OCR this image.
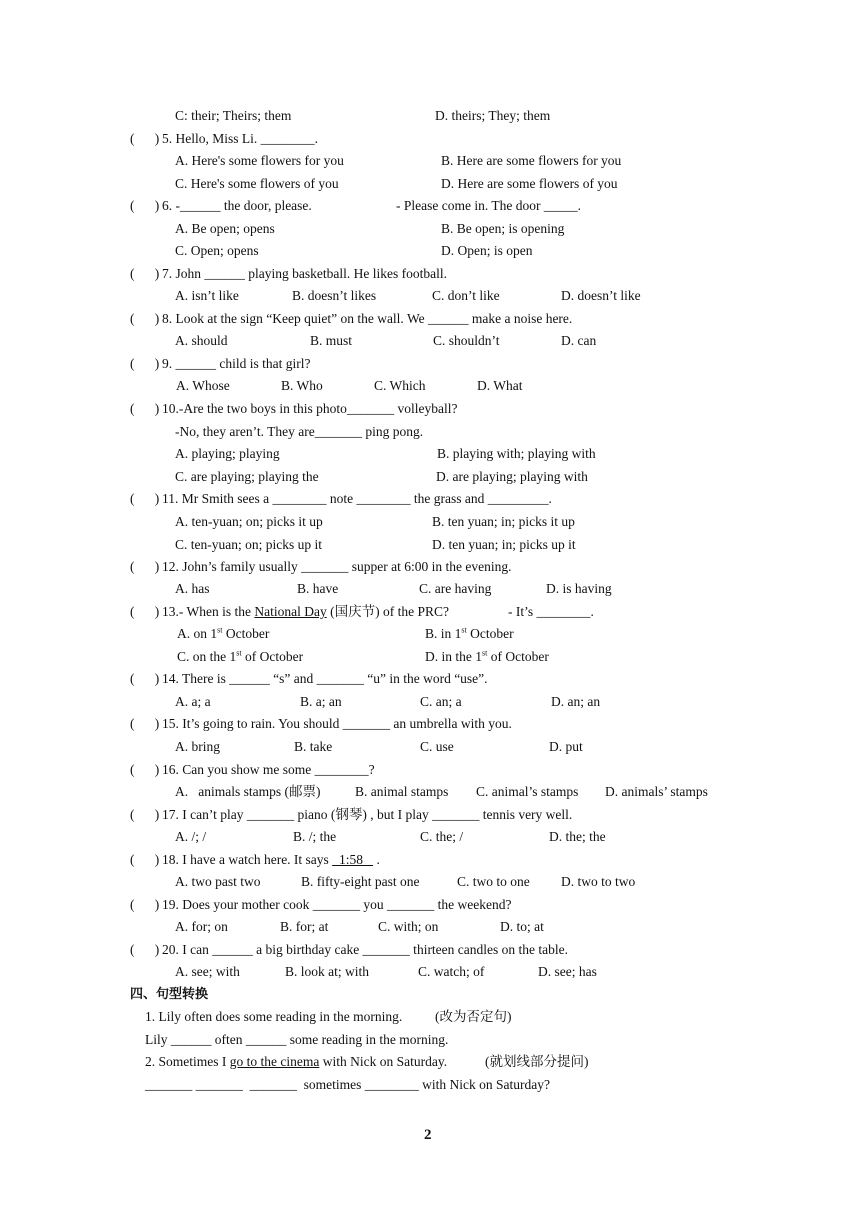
C: their; Theirs; them	D. theirs; They; them
(      ) 5. Hello, Miss Li. ________.
A. Here's some flowers for you	B. Here are some flowers for you
C. Here's some flowers of you	D. Here are some flowers of you
(      ) 6. -______ the door, please.	- Please come in. The door _____.
A. Be open; opens	B. Be open; is opening
C. Open; opens	D. Open; is open
(      ) 7. John ______ playing basketball. He likes football.
A. isn’t like	B. doesn’t likes	C. don’t like	D. doesn’t like
(      ) 8. Look at the sign “Keep quiet” on the wall. We ______ make a noise here.
A. should	B. must	C. shouldn’t	D. can
(      ) 9. ______ child is that girl?
A. Whose	B. Who	C. Which	D. What
(      ) 10.-Are the two boys in this photo_______ volleyball?
-No, they aren’t. They are_______ ping pong.
A. playing; playing	B. playing with; playing with
C. are playing; playing the	D. are playing; playing with
(      ) 11. Mr Smith sees a ________ note ________ the grass and _________.
A. ten-yuan; on; picks it up	B. ten yuan; in; picks it up
C. ten-yuan; on; picks up it	D. ten yuan; in; picks up it
(      ) 12. John’s family usually _______ supper at 6:00 in the evening.
A. has	B. have	C. are having	D. is having
(      ) 13.- When is the National Day (国庆节) of the PRC?	- It’s ________.
A. on 1st October	B. in 1st October
C. on the 1st of October	D. in the 1st of October
(      ) 14. There is ______ “s” and _______ “u” in the word “use”.
A. a; a	B. a; an	C. an; a	D. an; an
(      ) 15. It’s going to rain. You should _______ an umbrella with you.
A. bring	B. take	C. use	D. put
(      ) 16. Can you show me some ________?
A.   animals stamps (邮票)	B. animal stamps C. animal’s stamps D. animals’ stamps
(      ) 17. I can’t play _______ piano (钢琴) , but I play _______ tennis very well.
A. /; /	B. /; the	C. the; /	D. the; the
(      ) 18. I have a watch here. It says   1:58    .
A. two past two	B. fifty-eight past one	C. two to one D. two to two
(      ) 19. Does your mother cook _______ you _______ the weekend?
A. for; on	B. for; at	C. with; on	D. to; at
(      ) 20. I can ______ a big birthday cake _______ thirteen candles on the table.
A. see; with	B. look at; with	C. watch; of	D. see; has
四、句型转换
1. Lily often does some reading in the morning. (改为否定句)
Lily ______ often ______ some reading in the morning.
2. Sometimes I go to the cinema with Nick on Saturday.	(就划线部分提问)
_______ _______  _______  sometimes ________ with Nick on Saturday?
2
